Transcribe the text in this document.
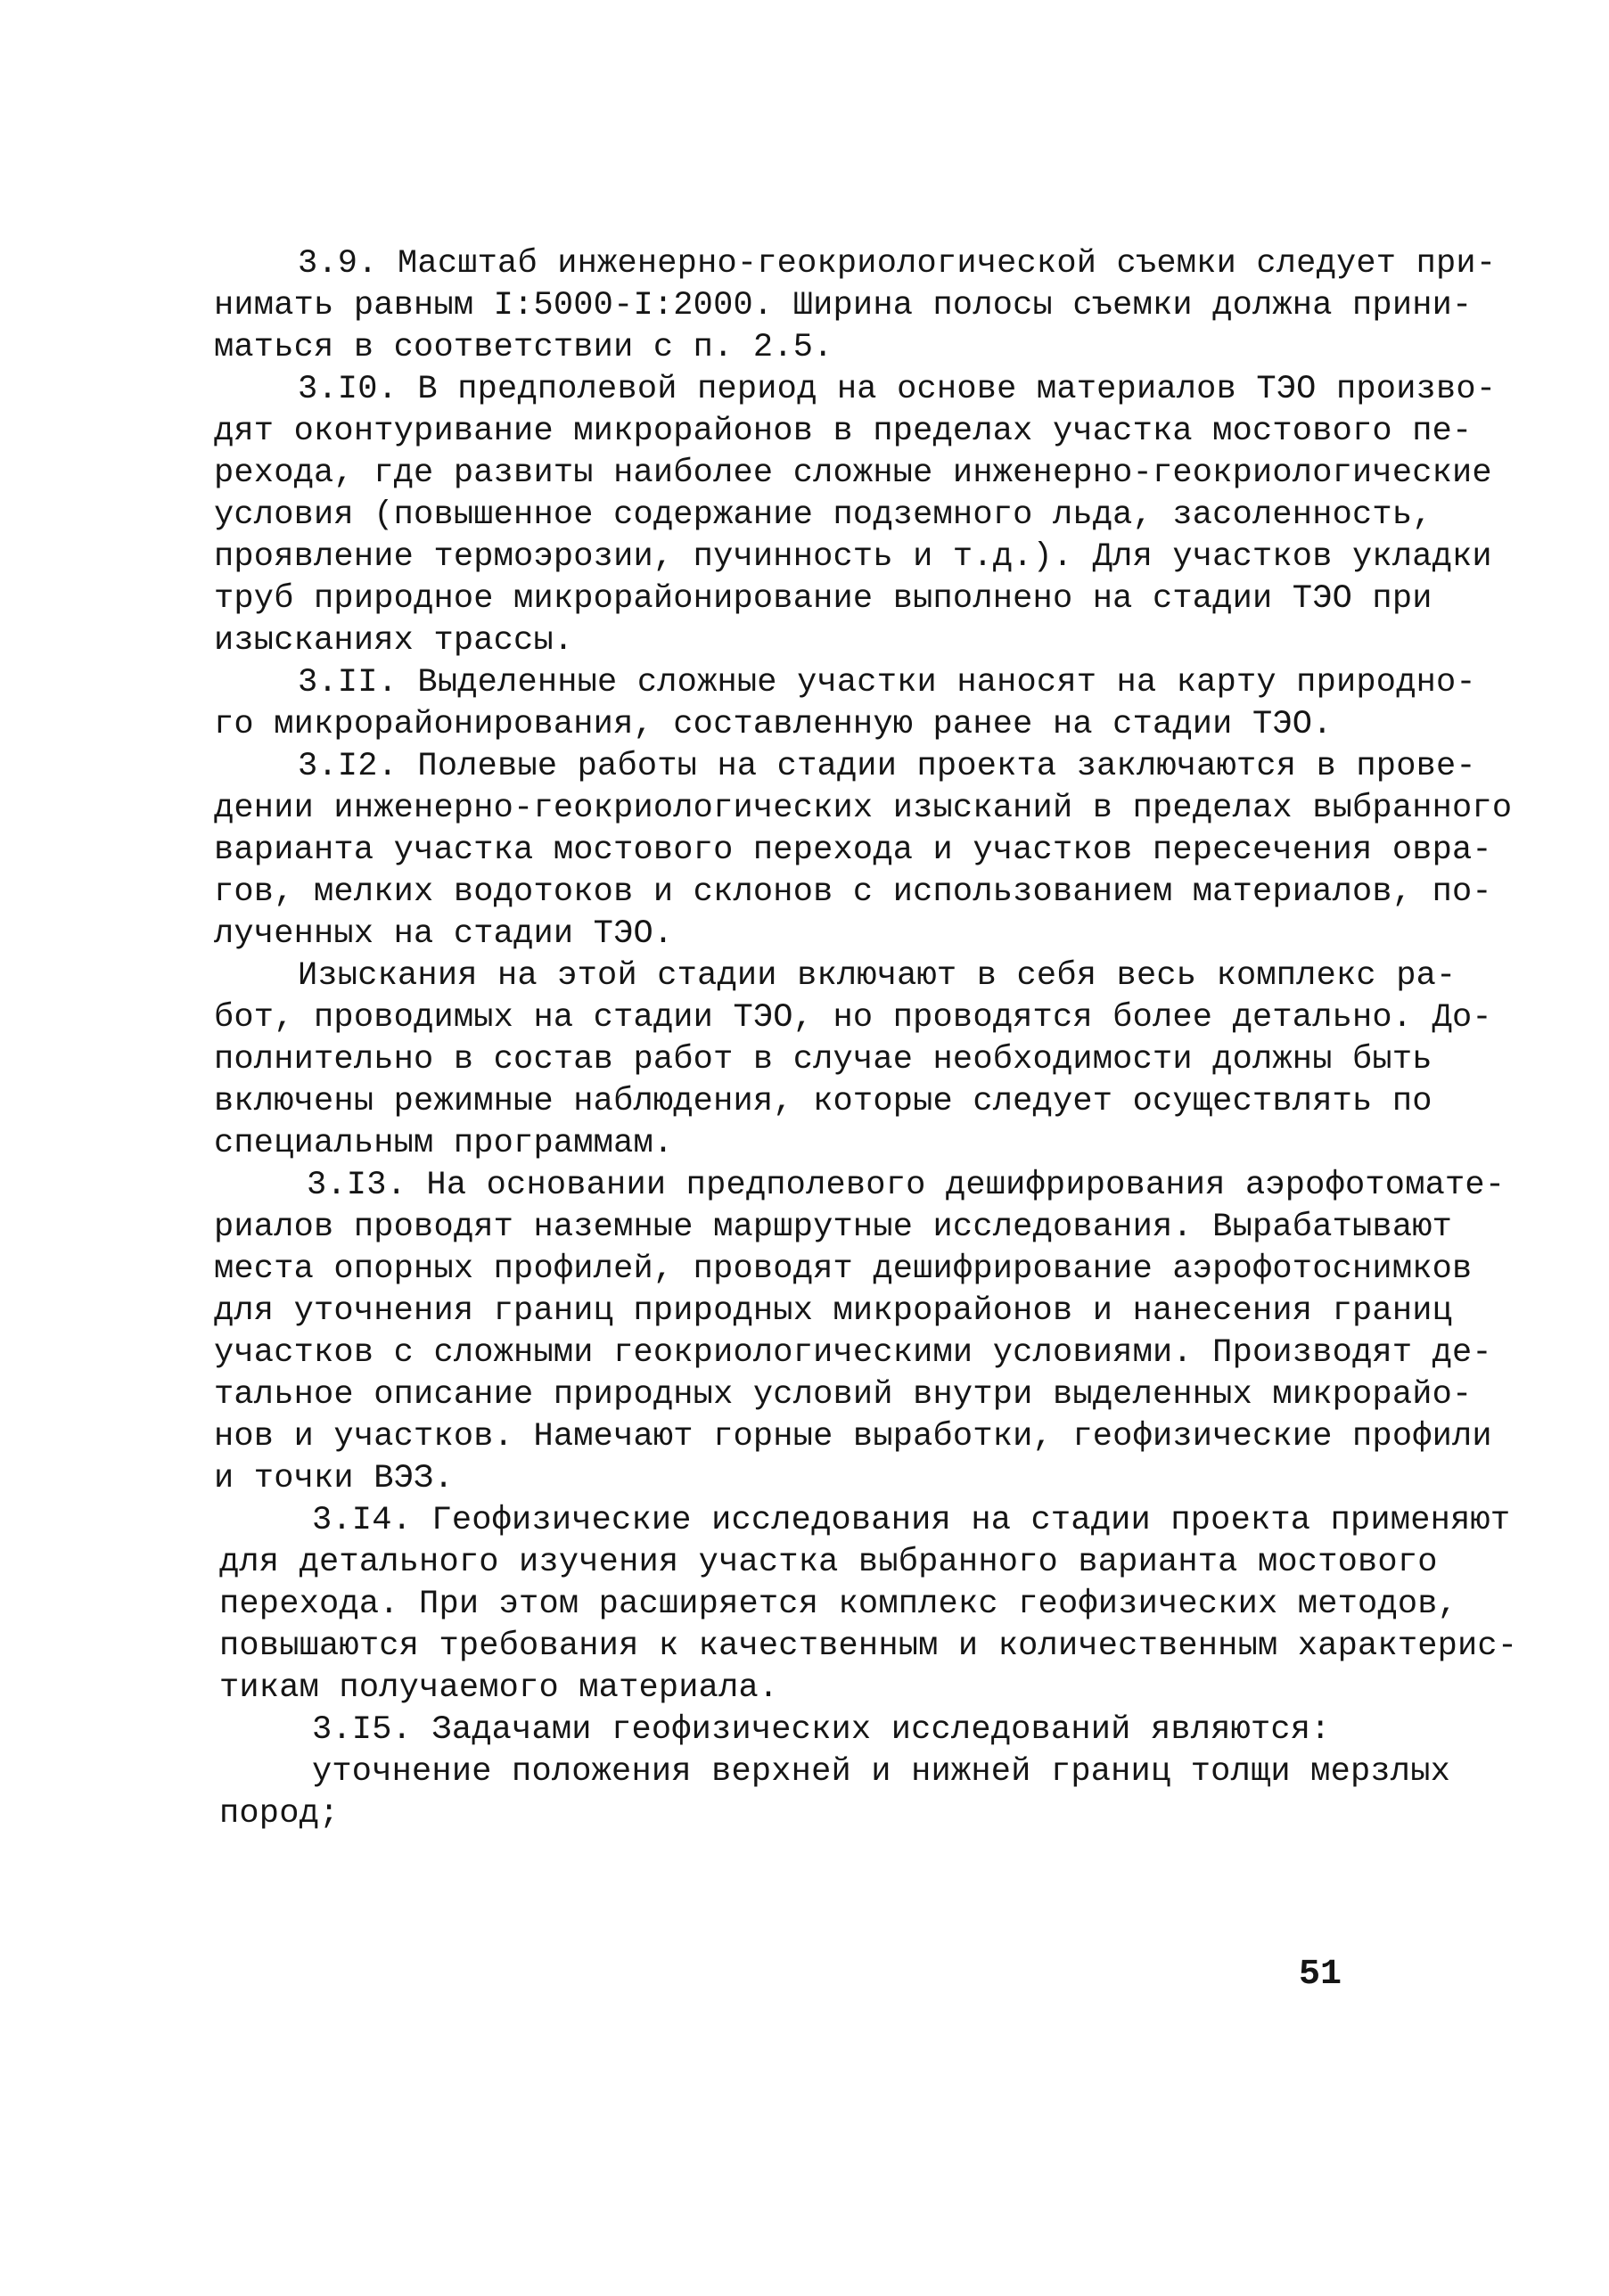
3.9. Масштаб инженерно-геокриологической съемки следует при-
нимать равным I:5000-I:2000. Ширина полосы съемки должна прини-
маться в соответствии с п. 2.5.
3.I0. В предполевой период на основе материалов ТЭО произво-
дят оконтуривание микрорайонов в пределах участка мостового пе-
рехода, где развиты наиболее сложные инженерно-геокриологические
условия (повышенное содержание подземного льда, засоленность,
проявление термоэрозии, пучинность и т.д.). Для участков укладки
труб природное микрорайонирование выполнено на стадии ТЭО при
изысканиях трассы.
3.II. Выделенные сложные участки наносят на карту природно-
го микрорайонирования, составленную ранее на стадии ТЭО.
3.I2. Полевые работы на стадии проекта заключаются в прове-
дении инженерно-геокриологических изысканий в пределах выбранного
варианта участка мостового перехода и участков пересечения овра-
гов, мелких водотоков и склонов с использованием материалов, по-
лученных на стадии ТЭО.
Изыскания на этой стадии включают в себя весь комплекс ра-
бот, проводимых на стадии ТЭО, но проводятся более детально. До-
полнительно в состав работ в случае необходимости должны быть
включены режимные наблюдения, которые следует осуществлять по
специальным программам.
3.I3. На основании предполевого дешифрирования аэрофотомате-
риалов проводят наземные маршрутные исследования. Вырабатывают
места опорных профилей, проводят дешифрирование аэрофотоснимков
для уточнения границ природных микрорайонов и нанесения границ
участков с сложными геокриологическими условиями. Производят де-
тальное описание природных условий внутри выделенных микрорайо-
нов и участков. Намечают горные выработки, геофизические профили
и точки ВЭЗ.
3.I4. Геофизические исследования на стадии проекта применяют
для детального изучения участка выбранного варианта мостового
перехода. При этом расширяется комплекс геофизических методов,
повышаются требования к качественным и количественным характерис-
тикам получаемого материала.
3.I5. Задачами геофизических исследований являются:
уточнение положения верхней и нижней границ толщи мерзлых
пород;
51
